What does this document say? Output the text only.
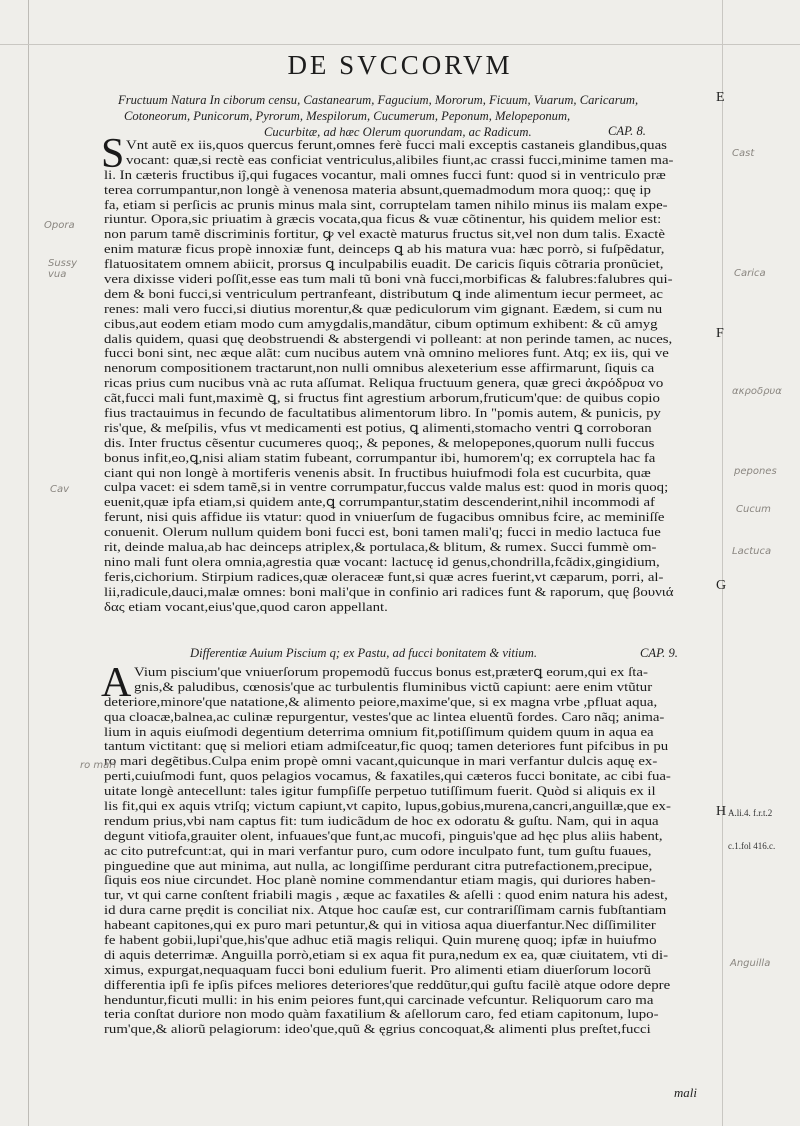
DE SVCCORVM
Fructuum Natura In ciborum censu, Castanearum, Fagucium, Mororum, Ficuum, Vuarum, Caricarum,
Cotoneorum, Punicorum, Pyrorum, Mespilorum, Cucumerum, Peponum, Melopeponum,
Cucurbitæ, ad hæc Olerum quorundam, ac Radicum.	CAP. 8.
S Vnt autẽ ex iis,quos quercus ferunt,omnes ferè fucci mali exceptis castaneis glandibus,quas
vocant: quæ,si rectè eas conficiat ventriculus,alibiles fiunt,ac crassi fucci,minime tamen ma-
li. In cæteris fructibus iĵ,qui fugaces vocantur, mali omnes fucci funt: quod si in ventriculo præ
terea corrumpantur,non longè à venenosa materia absunt,quemadmodum mora quoq;: quę ip
fa, etiam si perſicis ac prunis minus mala sint, corruptelam tamen nihilo minus iis malam expe-
riuntur. Opora,sic priuatim à græcis vocata,qua ficus & vuæ cõtinentur, his quidem melior est:
non parum tamẽ discriminis fortitur, ꝙ vel exactè maturus fructus sit,vel non dum talis. Exactè
enim maturæ ficus propè innoxiæ funt, deinceps ꝗ ab his matura vua: hæc porrò, si fuſpẽdatur,
flatuositatem omnem abiicit, prorsus ꝗ inculpabilis euadit. De caricis ſiquis cõtraria pronũciet,
vera dixisse videri poſſit,esse eas tum mali tũ boni vnà fucci,morbificas & falubres:falubres qui-
dem & boni fucci,si ventriculum pertranfeant, distributum ꝗ inde alimentum iecur permeet, ac
renes: mali vero fucci,si diutius morentur,& quæ pediculorum vim gignant. Eædem, si cum nu
cibus,aut eodem etiam modo cum amygdalis,mandãtur, cibum optimum exhibent: & cũ amyg
dalis quidem, quasi quę deobstruendi & abstergendi vi polleant: at non perinde tamen, ac nuces,
fucci boni sint, nec æque alãt: cum nucibus autem vnà omnino meliores funt. Atq; ex iis, qui ve
nenorum compositionem tractarunt,non nulli omnibus alexeterium esse affirmarunt, ſiquis ca
ricas prius cum nucibus vnà ac ruta aſſumat. Reliqua fructuum genera, quæ greci ἀκρόδρυα vo
cãt,fucci mali funt,maximè ꝗ, si fructus fint agrestium arborum,fruticum'que: de quibus copio
fius tractauimus in fecundo de facultatibus alimentorum libro. In "pomis autem, & punicis, py
ris'que, & meſpilis, vfus vt medicamenti est potius, ꝗ alimenti,stomacho ventri ꝗ corroboran
dis. Inter fructus cẽsentur cucumeres quoq;, & pepones, & melopepones,quorum nulli fuccus
bonus infit,eo,ꝗ,nisi aliam statim fubeant, corrumpantur ibi, humorem'q; ex corruptela hac fa
ciant qui non longè à mortiferis venenis absit. In fructibus huiufmodi fola est cucurbita, quæ
culpa vacet: ei sdem tamẽ,si in ventre corrumpatur,fuccus valde malus est: quod in moris quoq;
euenit,quæ ipfa etiam,si quidem ante,ꝗ corrumpantur,statim descenderint,nihil incommodi af
ferunt, nisi quis affidue iis vtatur: quod in vniuerſum de fugacibus omnibus fcire, ac meminiſſe
conuenit. Olerum nullum quidem boni fucci est, boni tamen mali'q; fucci in medio lactuca fue
rit, deinde malua,ab hac deinceps atriplex,& portulaca,& blitum, & rumex. Succi fummè om-
nino mali funt olera omnia,agrestia quæ vocant: lactucę id genus,chondrilla,fcãdix,gingidium,
feris,cichorium. Stirpium radices,quæ oleraceæ funt,si quæ acres fuerint,vt cæparum, porri, al-
lii,radicule,dauci,malæ omnes: boni mali'que in confinio ari radices funt & raporum, quę βουνιά
δας etiam vocant,eius'que,quod caron appellant.
Differentiæ Auium Piscium q; ex Pastu, ad fucci bonitatem & vitium.	CAP. 9.
A Vium piscium'que vniuerſorum propemodũ fuccus bonus est,præterꝗ eorum,qui ex ſta-
gnis,& paludibus, cœnosis'que ac turbulentis fluminibus victũ capiunt: aere enim vtũtur
deteriore,minore'que natatione,& alimento peiore,maxime'que, si ex magna vrbe ,pfluat aqua,
qua cloacæ,balnea,ac culinæ repurgentur, vestes'que ac lintea eluentũ fordes. Caro nãq; anima-
lium in aquis eiuſmodi degentium deterrima omnium fit,potiſſimum quidem quum in aqua ea
tantum victitant: quę si meliori etiam admiſceatur,fic quoq; tamen deteriores funt pifcibus in pu
ro mari degẽtibus.Culpa enim propè omni vacant,quicunque in mari verfantur dulcis aquę ex-
perti,cuiuſmodi funt, quos pelagios vocamus, & faxatiles,qui cæteros fucci bonitate, ac cibi fua-
uitate longè antecellunt: tales igitur fumpſiſſe perpetuo tutiſſimum fuerit. Quòd si aliquis ex il
lis fit,qui ex aquis vtriſq; victum capiunt,vt capito, lupus,gobius,murena,cancri,anguillæ,que ex-
rendum prius,vbi nam captus fit: tum iudicãdum de hoc ex odoratu & guſtu. Nam, qui in aqua
degunt vitiofa,grauiter olent, infuaues'que funt,ac mucofi, pinguis'que ad hęc plus aliis habent,
ac cito putrefcunt:at, qui in mari verfantur puro, cum odore inculpato funt, tum guſtu fuaues,
pinguedine que aut minima, aut nulla, ac longiſſime perdurant citra putrefactionem,precipue,
ſiquis eos niue circundet. Hoc planè nomine commendantur etiam magis, qui duriores haben-
tur, vt qui carne conſtent friabili magis , æque ac faxatiles & aſelli : quod enim natura his adest,
id dura carne prędit is conciliat nix. Atque hoc cauſæ est, cur contrariſſimam carnis fubſtantiam
habeant capitones,qui ex puro mari petuntur,& qui in vitiosa aqua diuerfantur.Nec diſſimiliter
fe habent gobii,lupi'que,his'que adhuc etiã magis reliqui. Quin murenę quoq; ipfæ in huiufmo
di aquis deterrimæ. Anguilla porrò,etiam si ex aqua fit pura,nedum ex ea, quæ ciuitatem, vti di-
ximus, expurgat,nequaquam fucci boni edulium fuerit. Pro alimenti etiam diuerſorum locorũ
differentia ipſi fe ipſis pifces meliores deteriores'que reddũtur,qui guſtu facilè atque odore depre
henduntur,ficuti mulli: in his enim peiores funt,qui carcinade vefcuntur. Reliquorum caro ma
teria conſtat duriore non modo quàm faxatilium & aſellorum caro, fed etiam capitonum, lupo-
rum'que,& aliorũ pelagiorum: ideo'que,quũ & ęgrius concoquat,& alimenti plus preſtet,fucci
mali
E
F
G
H
Opora
Sussy vua
Cav
ro mari
Cast
Carica
ακροδρυα
pepones
Cucum
Lactuca
Anguilla

A.li.4. f.r.t.2

c.1.fol 416.c.
